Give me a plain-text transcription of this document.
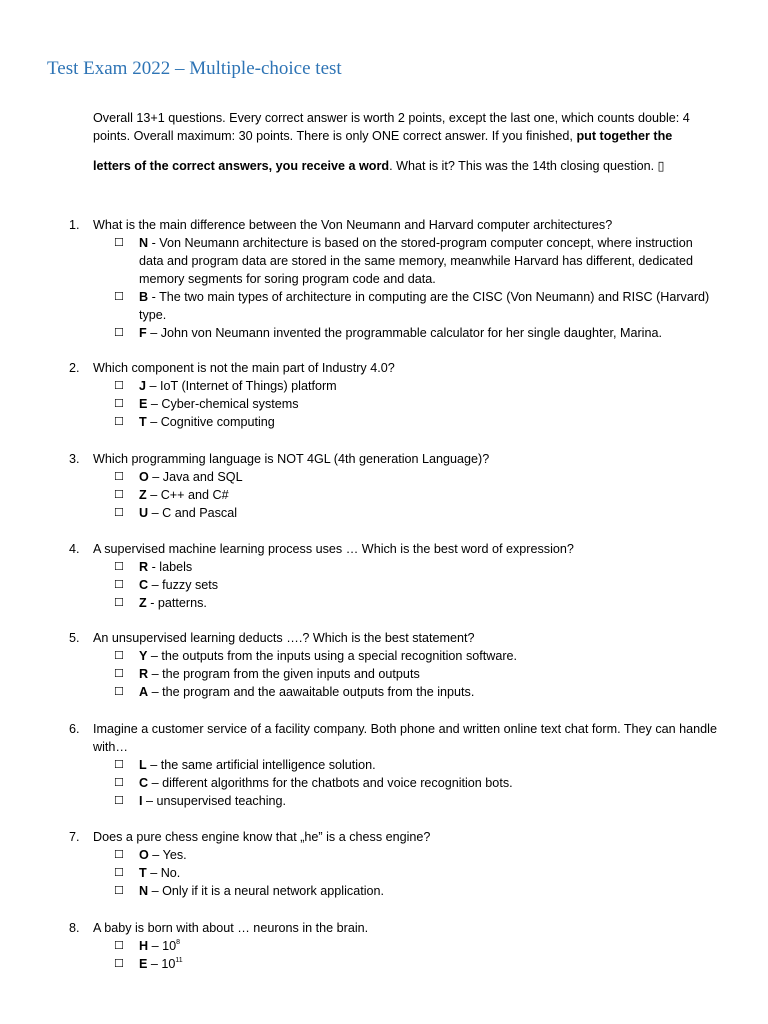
Test Exam 2022 – Multiple-choice test

Overall 13+1 questions. Every correct answer is worth 2 points, except the last one, which counts double: 4 points. Overall maximum: 30 points. There is only ONE correct answer. If you finished, put together the

letters of the correct answers, you receive a word. What is it? This was the 14th closing question. ▯

1. What is the main difference between the Von Neumann and Harvard computer architectures?
☐ N - Von Neumann architecture is based on the stored-program computer concept, where instruction data and program data are stored in the same memory, meanwhile Harvard has different, dedicated memory segments for soring program code and data.
☐ B - The two main types of architecture in computing are the CISC (Von Neumann) and RISC (Harvard) type.
☐ F – John von Neumann invented the programmable calculator for her single daughter, Marina.
2. Which component is not the main part of Industry 4.0?
☐ J – IoT (Internet of Things) platform
☐ E – Cyber-chemical systems
☐ T – Cognitive computing
3. Which programming language is NOT 4GL (4th generation Language)?
☐ O – Java and SQL
☐ Z – C++ and C#
☐ U – C and Pascal
4. A supervised machine learning process uses … Which is the best word of expression?
☐ R - labels
☐ C – fuzzy sets
☐ Z - patterns.
5. An unsupervised learning deducts ….? Which is the best statement?
☐ Y – the outputs from the inputs using a special recognition software.
☐ R – the program from the given inputs and outputs
☐ A – the program and the aawaitable outputs from the inputs.
6. Imagine a customer service of a facility company. Both phone and written online text chat form. They can handle with…
☐ L – the same artificial intelligence solution.
☐ C – different algorithms for the chatbots and voice recognition bots.
☐ I – unsupervised teaching.
7. Does a pure chess engine know that „he” is a chess engine?
☐ O – Yes.
☐ T – No.
☐ N – Only if it is a neural network application.
8. A baby is born with about … neurons in the brain.
☐ H – $10^8$
☐ E – $10^{11}$
